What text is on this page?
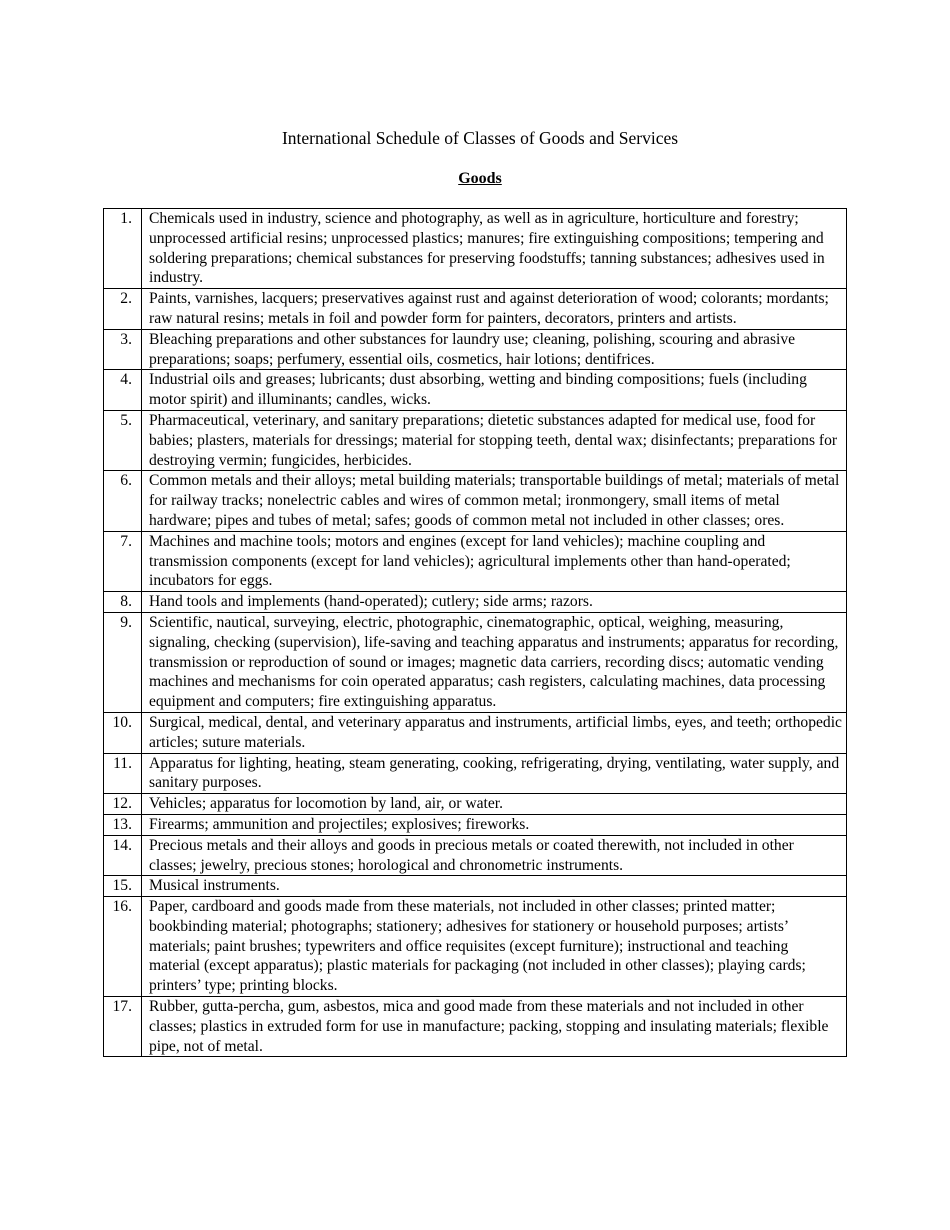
International Schedule of Classes of Goods and Services
Goods
1.	Chemicals used in industry, science and photography, as well as in agriculture, horticulture and forestry; unprocessed artificial resins; unprocessed plastics; manures; fire extinguishing compositions; tempering and soldering preparations; chemical substances for preserving foodstuffs; tanning substances; adhesives used in industry.
2.	Paints, varnishes, lacquers; preservatives against rust and against deterioration of wood; colorants; mordants; raw natural resins; metals in foil and powder form for painters, decorators, printers and artists.
3.	Bleaching preparations and other substances for laundry use; cleaning, polishing, scouring and abrasive preparations; soaps; perfumery, essential oils, cosmetics, hair lotions; dentifrices.
4.	Industrial oils and greases; lubricants; dust absorbing, wetting and binding compositions; fuels (including motor spirit) and illuminants; candles, wicks.
5.	Pharmaceutical, veterinary, and sanitary preparations; dietetic substances adapted for medical use, food for babies; plasters, materials for dressings; material for stopping teeth, dental wax; disinfectants; preparations for destroying vermin; fungicides, herbicides.
6.	Common metals and their alloys; metal building materials; transportable buildings of metal; materials of metal for railway tracks; nonelectric cables and wires of common metal; ironmongery, small items of metal hardware; pipes and tubes of metal; safes; goods of common metal not included in other classes; ores.
7.	Machines and machine tools; motors and engines (except for land vehicles); machine coupling and transmission components (except for land vehicles); agricultural implements other than hand-operated; incubators for eggs.
8.	Hand tools and implements (hand-operated); cutlery; side arms; razors.
9.	Scientific, nautical, surveying, electric, photographic, cinematographic, optical, weighing, measuring, signaling, checking (supervision), life-saving and teaching apparatus and instruments; apparatus for recording, transmission or reproduction of sound or images; magnetic data carriers, recording discs; automatic vending machines and mechanisms for coin operated apparatus; cash registers, calculating machines, data processing equipment and computers; fire extinguishing apparatus.
10.	Surgical, medical, dental, and veterinary apparatus and instruments, artificial limbs, eyes, and teeth; orthopedic articles; suture materials.
11.	Apparatus for lighting, heating, steam generating, cooking, refrigerating, drying, ventilating, water supply, and sanitary purposes.
12.	Vehicles; apparatus for locomotion by land, air, or water.
13.	Firearms; ammunition and projectiles; explosives; fireworks.
14.	Precious metals and their alloys and goods in precious metals or coated therewith, not included in other classes; jewelry, precious stones; horological and chronometric instruments.
15.	Musical instruments.
16.	Paper, cardboard and goods made from these materials, not included in other classes; printed matter; bookbinding material; photographs; stationery; adhesives for stationery or household purposes; artists’ materials; paint brushes; typewriters and office requisites (except furniture); instructional and teaching material (except apparatus); plastic materials for packaging (not included in other classes); playing cards; printers’ type; printing blocks.
17.	Rubber, gutta-percha, gum, asbestos, mica and good made from these materials and not included in other classes; plastics in extruded form for use in manufacture; packing, stopping and insulating materials; flexible pipe, not of metal.
